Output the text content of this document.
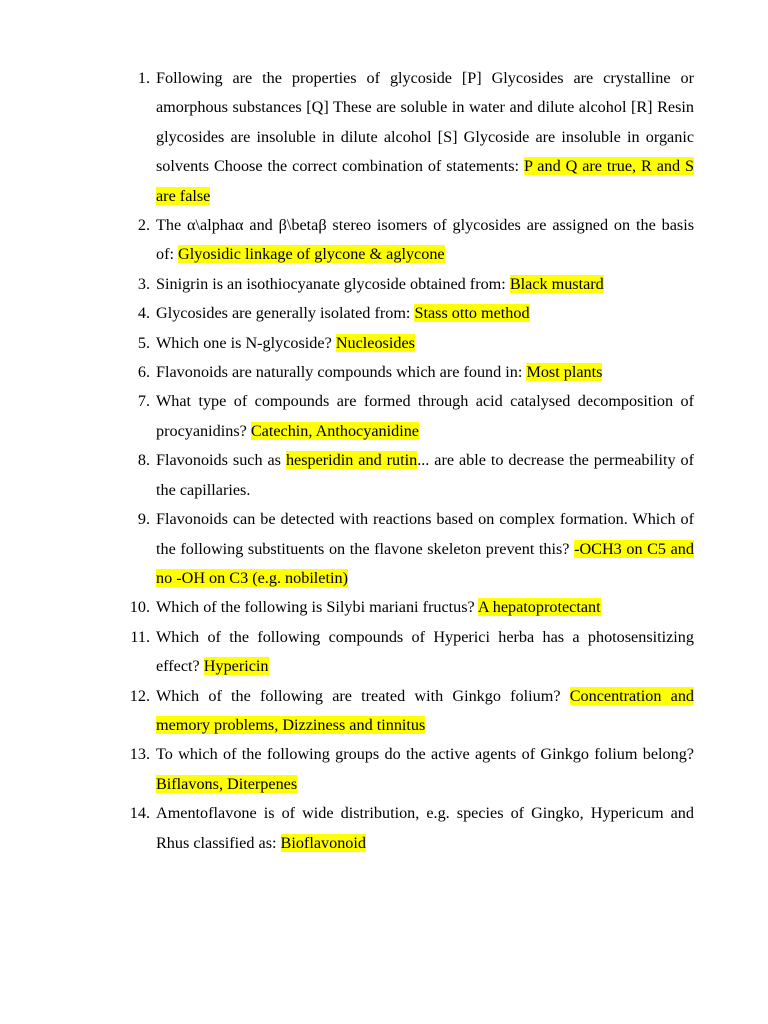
1. Following are the properties of glycoside [P] Glycosides are crystalline or amorphous substances [Q] These are soluble in water and dilute alcohol [R] Resin glycosides are insoluble in dilute alcohol [S] Glycoside are insoluble in organic solvents Choose the correct combination of statements: P and Q are true, R and S are false
2. The α\alphaα and β\betaβ stereo isomers of glycosides are assigned on the basis of: Glyosidic linkage of glycone & aglycone
3. Sinigrin is an isothiocyanate glycoside obtained from: Black mustard
4. Glycosides are generally isolated from: Stass otto method
5. Which one is N-glycoside? Nucleosides
6. Flavonoids are naturally compounds which are found in: Most plants
7. What type of compounds are formed through acid catalysed decomposition of procyanidins? Catechin, Anthocyanidine
8. Flavonoids such as hesperidin and rutin... are able to decrease the permeability of the capillaries.
9. Flavonoids can be detected with reactions based on complex formation. Which of the following substituents on the flavone skeleton prevent this? -OCH3 on C5 and no -OH on C3 (e.g. nobiletin)
10. Which of the following is Silybi mariani fructus? A hepatoprotectant
11. Which of the following compounds of Hyperici herba has a photosensitizing effect? Hypericin
12. Which of the following are treated with Ginkgo folium? Concentration and memory problems, Dizziness and tinnitus
13. To which of the following groups do the active agents of Ginkgo folium belong? Biflavons, Diterpenes
14. Amentoflavone is of wide distribution, e.g. species of Gingko, Hypericum and Rhus classified as: Bioflavonoid
